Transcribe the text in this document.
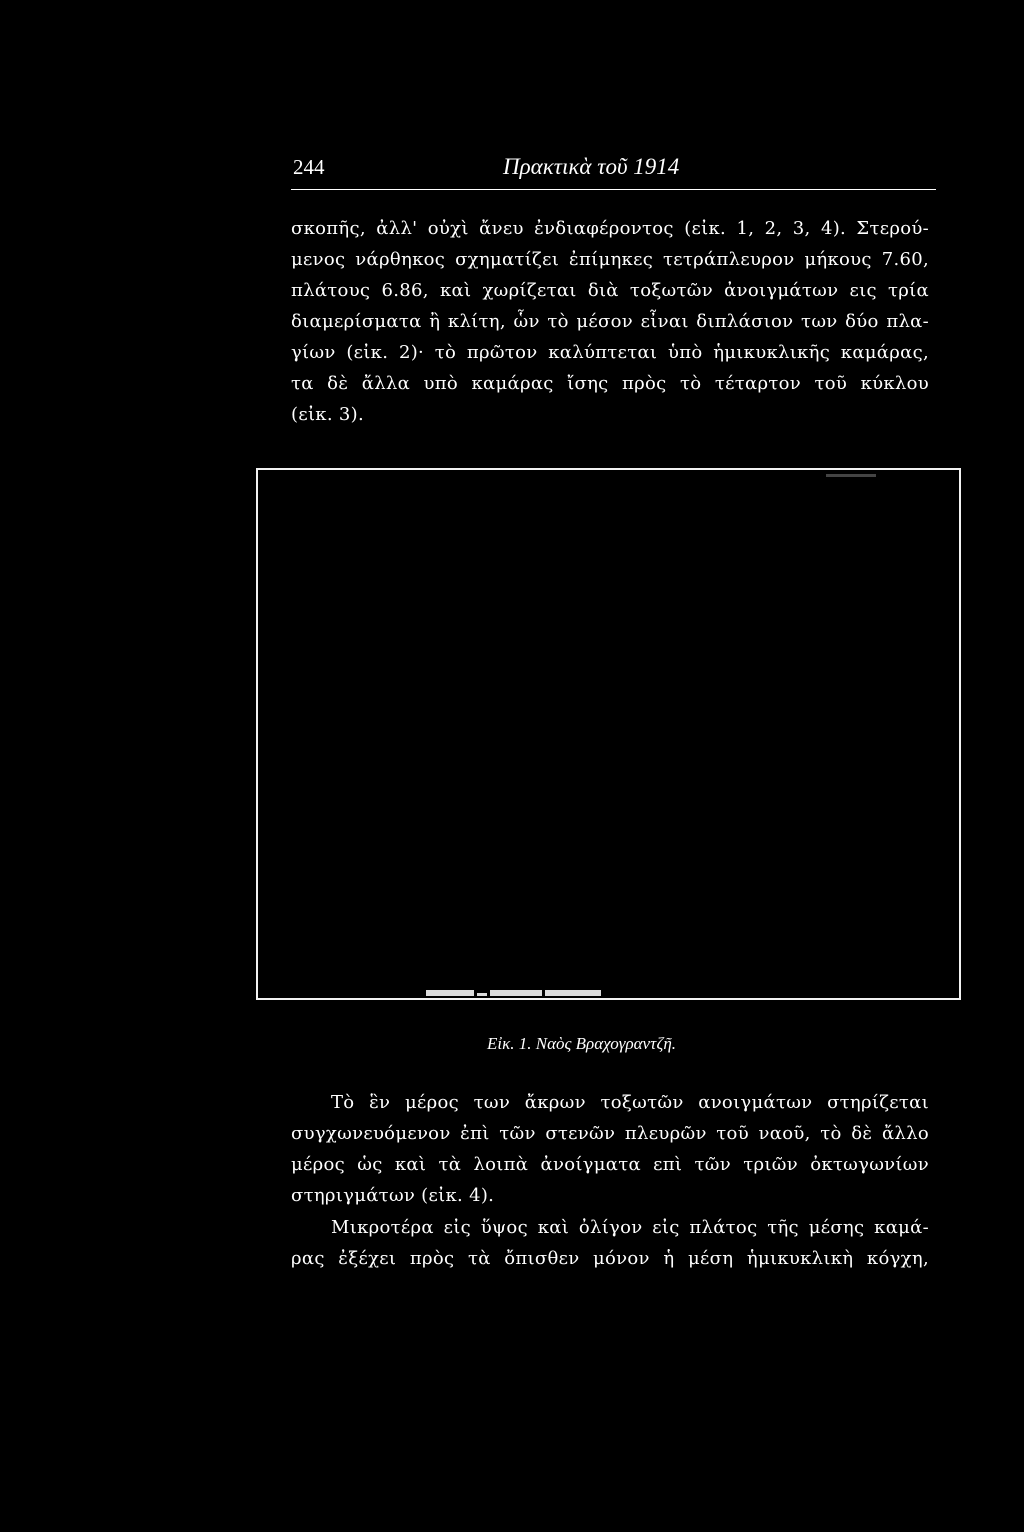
244	Πρακτικὰ τοῦ 1914
σκοπῆς, ἀλλ' οὐχὶ ἄνευ ἐνδιαφέροντος (εἰκ. 1, 2, 3, 4). Στερού-
μενος νάρθηκος σχηματίζει ἐπίμηκες τετράπλευρον μήκους 7.60,
πλάτους 6.86, καὶ χωρίζεται διὰ τοξωτῶν ἀνοιγμάτων εις τρία
διαμερίσματα ἢ κλίτη, ὧν τὸ μέσον εἶναι διπλάσιον των δύο πλα-
γίων (εἰκ. 2)· τὸ πρῶτον καλύπτεται ὑπὸ ἡμικυκλικῆς καμάρας,
τα δὲ ἄλλα υπὸ καμάρας ἴσης πρὸς τὸ τέταρτον τοῦ κύκλου
(εἰκ. 3).
Εἰκ. 1. Ναὸς Βραχογραντζῆ.
Τὸ ἓν μέρος των ἄκρων τοξωτῶν ανοιγμάτων στηρίζεται
συγχωνευόμενον ἐπὶ τῶν στενῶν πλευρῶν τοῦ ναοῦ, τὸ δὲ ἄλλο
μέρος ὡς καὶ τὰ λοιπὰ ἀνοίγματα επὶ τῶν τριῶν ὀκτωγωνίων
στηριγμάτων (εἰκ. 4).
Μικροτέρα εἰς ὕψος καὶ ὀλίγον εἰς πλάτος τῆς μέσης καμά-
ρας ἐξέχει πρὸς τὰ ὄπισθεν μόνον ἡ μέση ἡμικυκλικὴ κόγχη,
